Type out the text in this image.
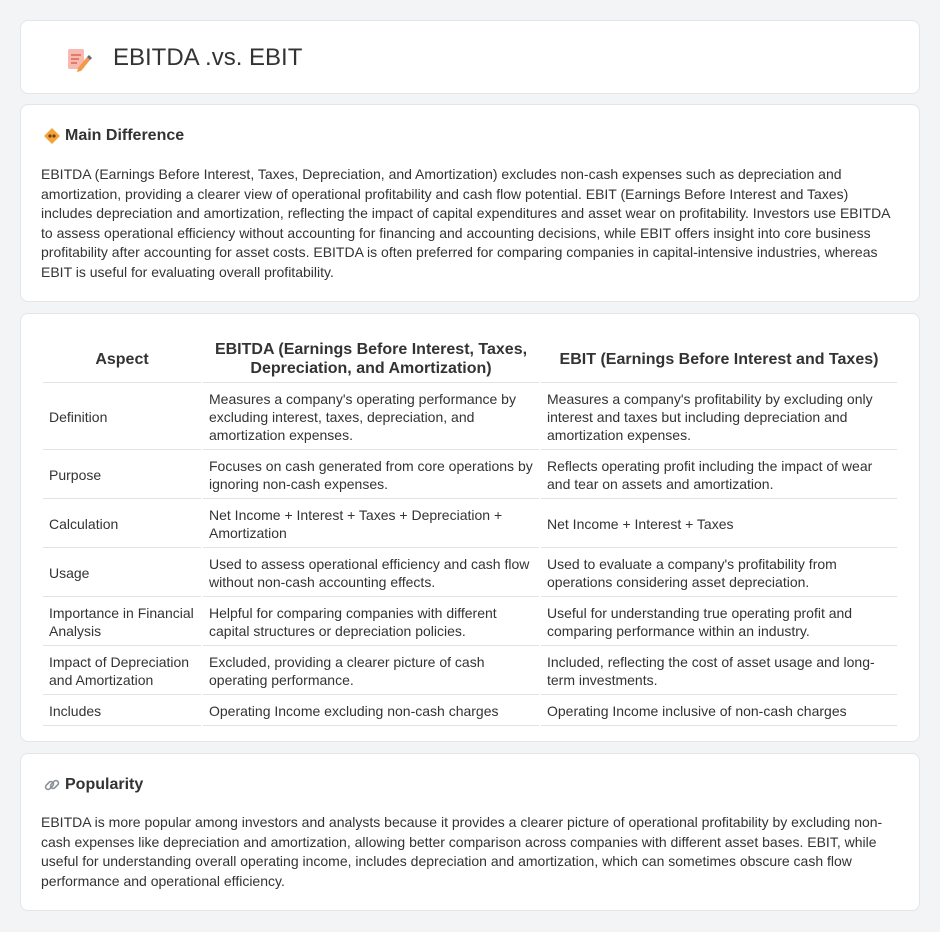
EBITDA .vs. EBIT
Main Difference

EBITDA (Earnings Before Interest, Taxes, Depreciation, and Amortization) excludes non-cash expenses such as depreciation and amortization, providing a clearer view of operational profitability and cash flow potential. EBIT (Earnings Before Interest and Taxes) includes depreciation and amortization, reflecting the impact of capital expenditures and asset wear on profitability. Investors use EBITDA to assess operational efficiency without accounting for financing and accounting decisions, while EBIT offers insight into core business profitability after accounting for asset costs. EBITDA is often preferred for comparing companies in capital-intensive industries, whereas EBIT is useful for evaluating overall profitability.

Aspect	EBITDA (Earnings Before Interest, Taxes, Depreciation, and Amortization)	EBIT (Earnings Before Interest and Taxes)
Definition	Measures a company's operating performance by excluding interest, taxes, depreciation, and amortization expenses.	Measures a company's profitability by excluding only interest and taxes but including depreciation and amortization expenses.
Purpose	Focuses on cash generated from core operations by ignoring non-cash expenses.	Reflects operating profit including the impact of wear and tear on assets and amortization.
Calculation	Net Income + Interest + Taxes + Depreciation + Amortization	Net Income + Interest + Taxes
Usage	Used to assess operational efficiency and cash flow without non-cash accounting effects.	Used to evaluate a company's profitability from operations considering asset depreciation.
Importance in Financial Analysis	Helpful for comparing companies with different capital structures or depreciation policies.	Useful for understanding true operating profit and comparing performance within an industry.
Impact of Depreciation and Amortization	Excluded, providing a clearer picture of cash operating performance.	Included, reflecting the cost of asset usage and long-term investments.
Includes	Operating Income excluding non-cash charges	Operating Income inclusive of non-cash charges
Popularity

EBITDA is more popular among investors and analysts because it provides a clearer picture of operational profitability by excluding non-cash expenses like depreciation and amortization, allowing better comparison across companies with different asset bases. EBIT, while useful for understanding overall operating income, includes depreciation and amortization, which can sometimes obscure cash flow performance and operational efficiency.
